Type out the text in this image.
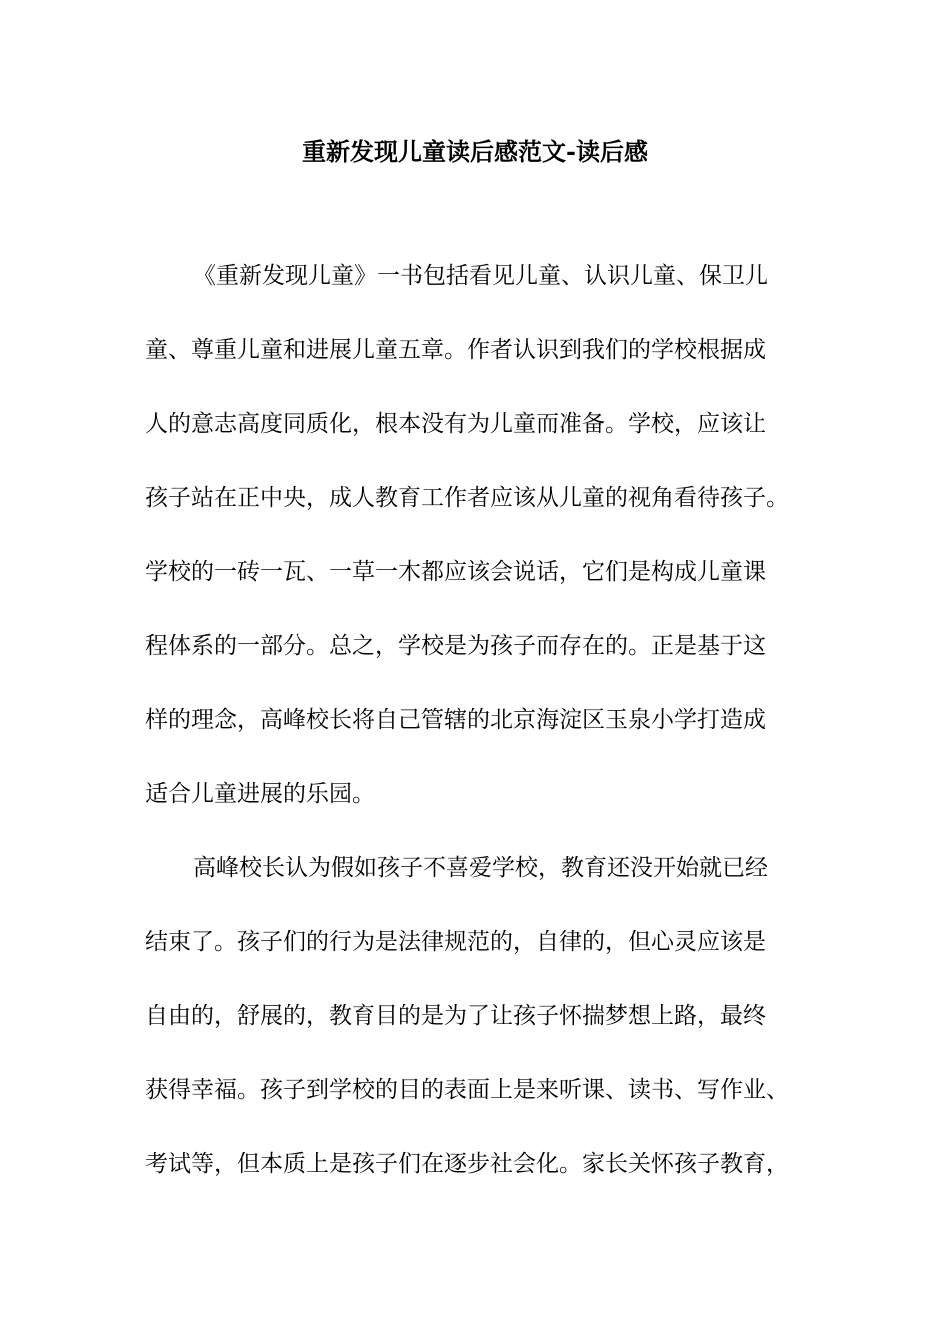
重新发现儿童读后感范文-读后感
《重新发现儿童》一书包括看见儿童、认识儿童、保卫儿
童、尊重儿童和进展儿童五章。作者认识到我们的学校根据成
人的意志高度同质化，根本没有为儿童而准备。学校，应该让
孩子站在正中央，成人教育工作者应该从儿童的视角看待孩子。
学校的一砖一瓦、一草一木都应该会说话，它们是构成儿童课
程体系的一部分。总之，学校是为孩子而存在的。正是基于这
样的理念，高峰校长将自己管辖的北京海淀区玉泉小学打造成
适合儿童进展的乐园。
高峰校长认为假如孩子不喜爱学校，教育还没开始就已经
结束了。孩子们的行为是法律规范的，自律的，但心灵应该是
自由的，舒展的，教育目的是为了让孩子怀揣梦想上路，最终
获得幸福。孩子到学校的目的表面上是来听课、读书、写作业、
考试等，但本质上是孩子们在逐步社会化。家长关怀孩子教育，
